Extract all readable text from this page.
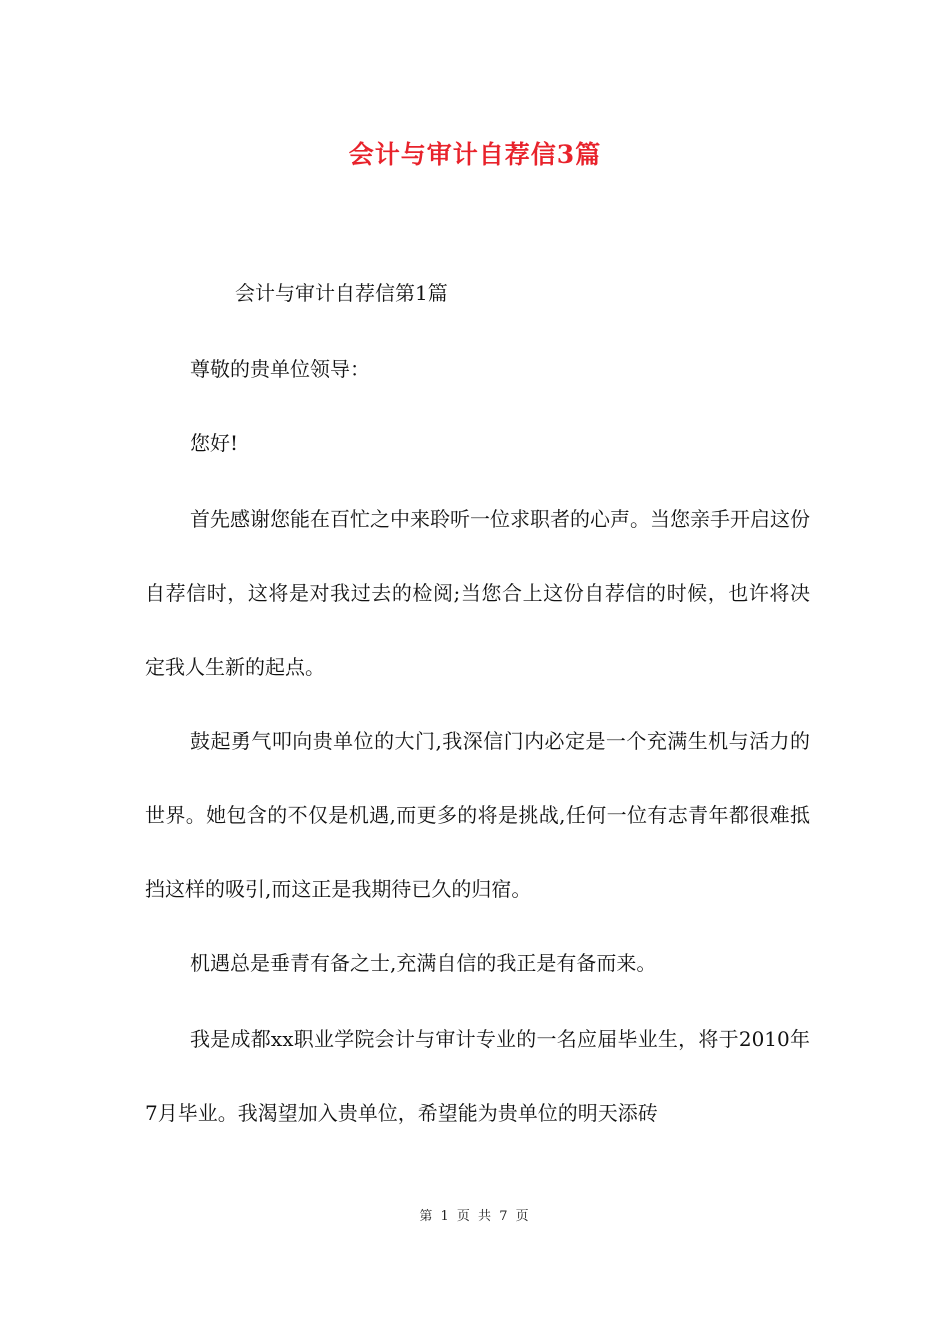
会计与审计自荐信3篇

会计与审计自荐信第1篇

尊敬的贵单位领导：

您好!

首先感谢您能在百忙之中来聆听一位求职者的心声。当您亲手开启这份自荐信时，这将是对我过去的检阅;当您合上这份自荐信的时候，也许将决定我人生新的起点。

鼓起勇气叩向贵单位的大门,我深信门内必定是一个充满生机与活力的世界。她包含的不仅是机遇,而更多的将是挑战,任何一位有志青年都很难抵挡这样的吸引,而这正是我期待已久的归宿。

机遇总是垂青有备之士,充满自信的我正是有备而来。

我是成都xx职业学院会计与审计专业的一名应届毕业生，将于2010年7月毕业。我渴望加入贵单位，希望能为贵单位的明天添砖

第 1 页 共 7 页
